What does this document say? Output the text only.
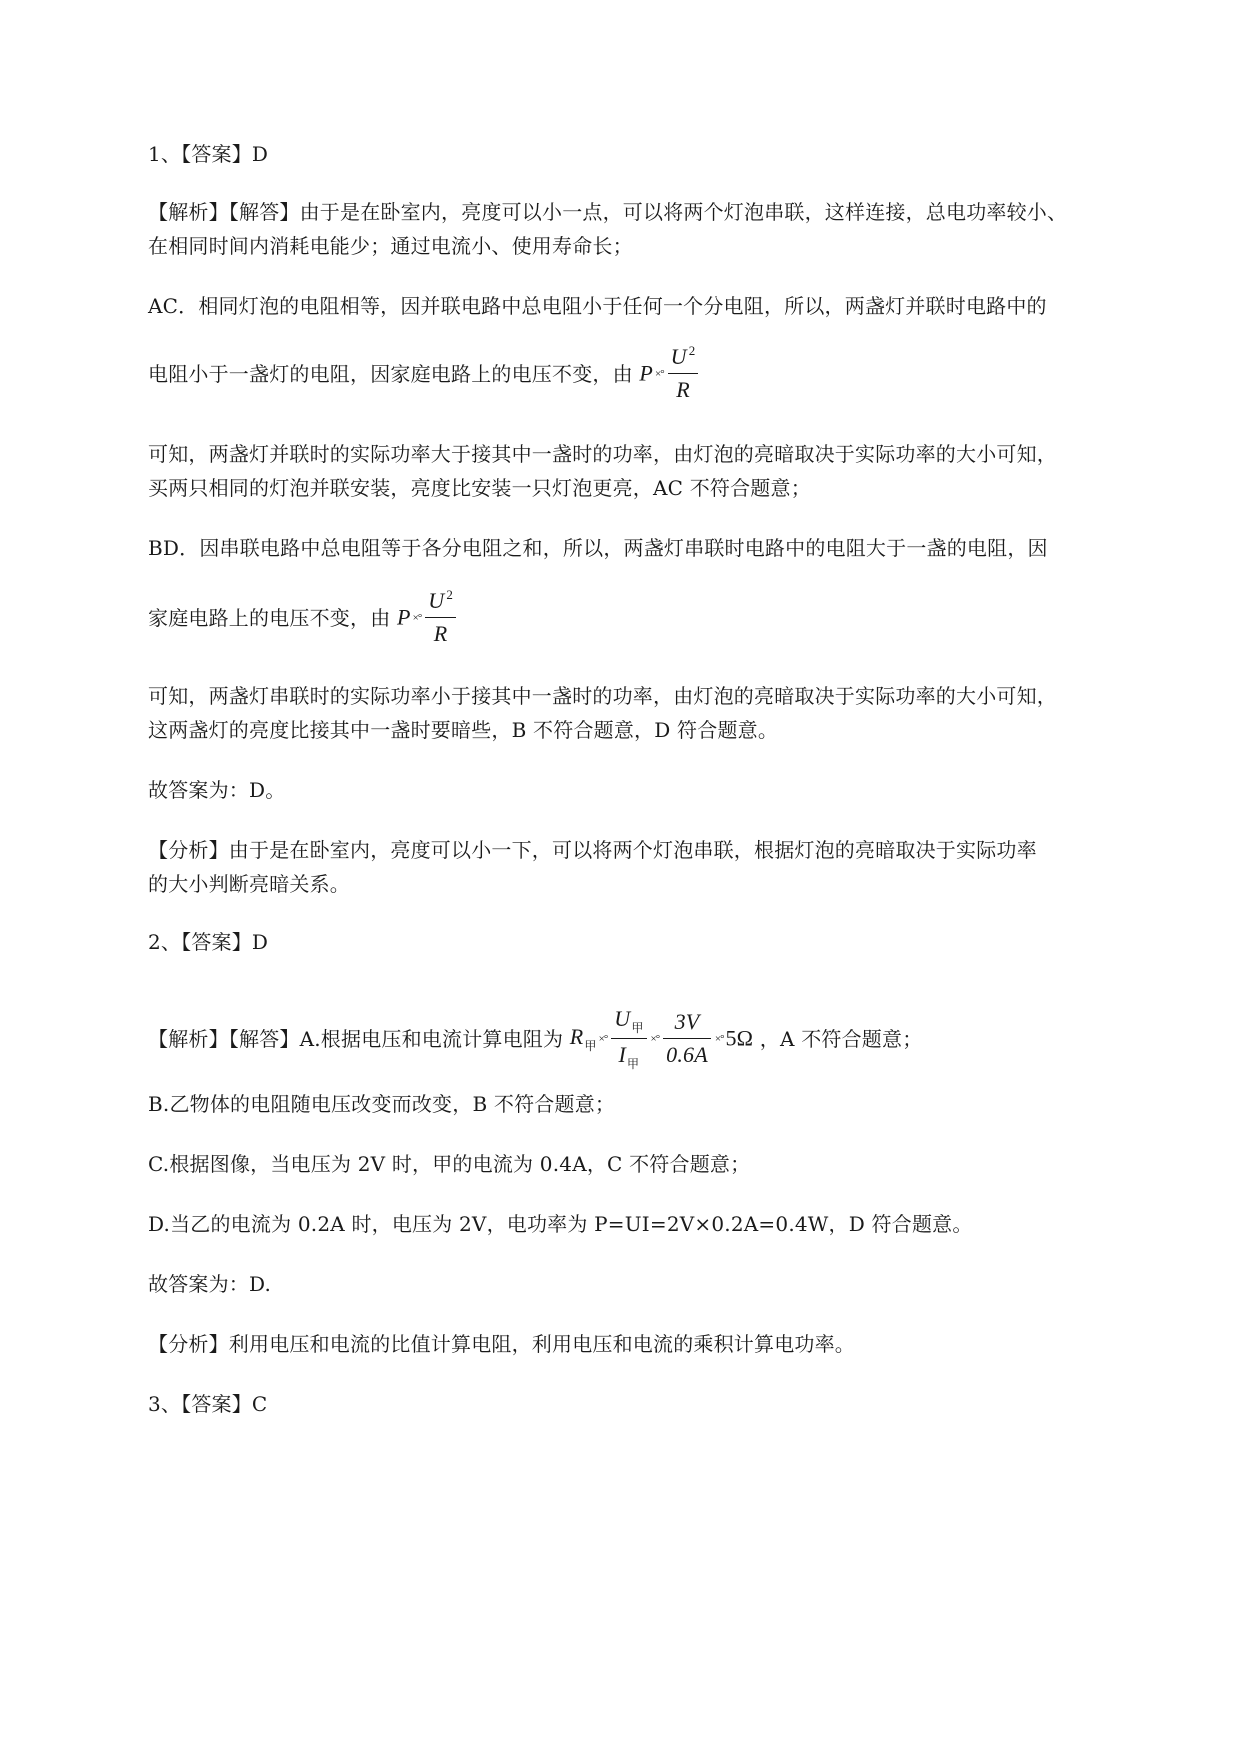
1、【答案】D
【解析】【解答】由于是在卧室内，亮度可以小一点，可以将两个灯泡串联，这样连接，总电功率较小、
在相同时间内消耗电能少；通过电流小、使用寿命长；
AC．相同灯泡的电阻相等，因并联电路中总电阻小于任何一个分电阻，所以，两盏灯并联时电路中的
电阻小于一盏灯的电阻，因家庭电路上的电压不变，由 P ×° $\frac{U ^2}{R}$
可知，两盏灯并联时的实际功率大于接其中一盏时的功率，由灯泡的亮暗取决于实际功率的大小可知，
买两只相同的灯泡并联安装，亮度比安装一只灯泡更亮，AC 不符合题意；
BD．因串联电路中总电阻等于各分电阻之和，所以，两盏灯串联时电路中的电阻大于一盏的电阻，因
家庭电路上的电压不变，由 P ×° $\frac{U ^2}{R}$
可知，两盏灯串联时的实际功率小于接其中一盏时的功率，由灯泡的亮暗取决于实际功率的大小可知，
这两盏灯的亮度比接其中一盏时要暗些，B 不符合题意，D 符合题意。
故答案为：D。
【分析】由于是在卧室内，亮度可以小一下，可以将两个灯泡串联，根据灯泡的亮暗取决于实际功率
的大小判断亮暗关系。
2、【答案】D
【解析】【解答】A.根据电压和电流计算电阻为 $R_甲\times^\circ \frac{U_甲}{I_甲}$ ×° $\frac{3V}{0.6A} \times^\circ 5\Omega$ ，A 不符合题意；
B.乙物体的电阻随电压改变而改变，B 不符合题意；
C.根据图像，当电压为 2V 时，甲的电流为 0.4A，C 不符合题意；
D.当乙的电流为 0.2A 时，电压为 2V，电功率为 P=UI=2V×0.2A=0.4W，D 符合题意。
故答案为：D.
【分析】利用电压和电流的比值计算电阻，利用电压和电流的乘积计算电功率。
3、【答案】C
